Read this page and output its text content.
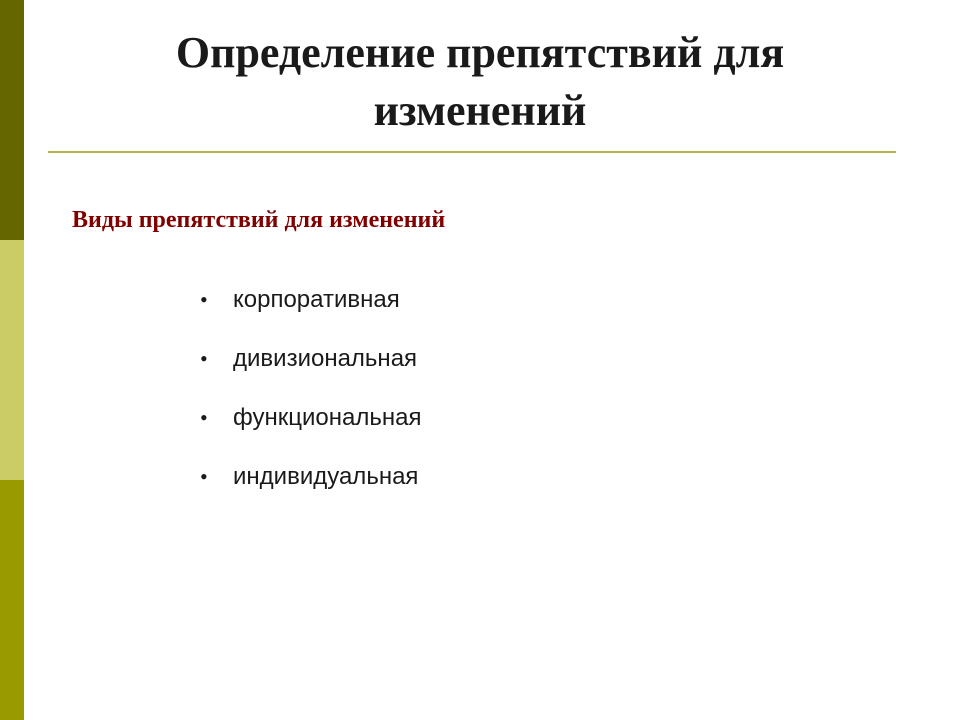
Определение препятствий для
изменений
Виды препятствий для изменений
•	корпоративная
•	дивизиональная
•	функциональная
•	индивидуальная
